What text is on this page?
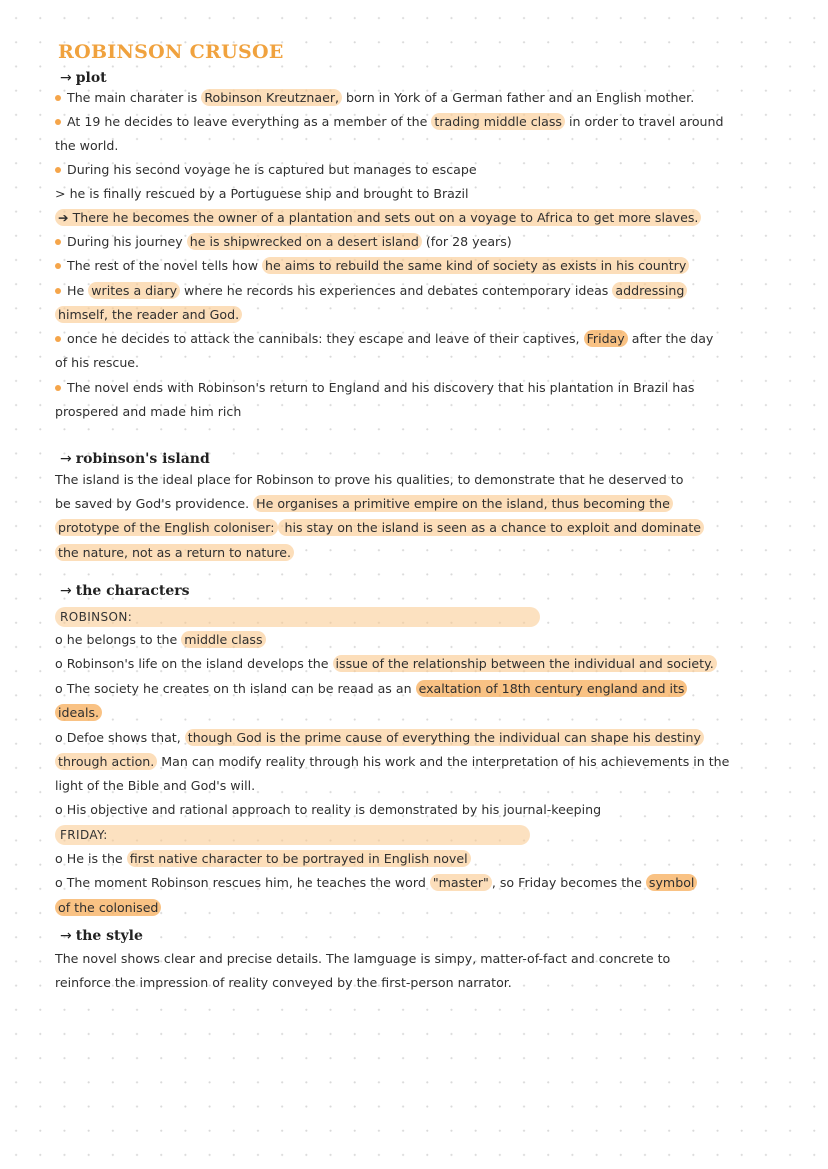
ROBINSON CRUSOE
→ plot

The main charater is Robinson Kreutznaer, born in York of a German father and an English mother.

At 19 he decides to leave everything as a member of the trading middle class in order to travel around

the world.

During his second voyage he is captured but manages to escape

> he is finally rescued by a Portuguese ship and brought to Brazil

➔ There he becomes the owner of a plantation and sets out on a voyage to Africa to get more slaves.

During his journey he is shipwrecked on a desert island (for 28 years)

The rest of the novel tells how he aims to rebuild the same kind of society as exists in his country

He writes a diary where he records his experiences and debates contemporary ideas addressing

himself, the reader and God.

once he decides to attack the cannibals: they escape and leave of their captives, Friday after the day

of his rescue.

The novel ends with Robinson's return to England and his discovery that his plantation in Brazil has

prospered and made him rich

→ robinson's island

The island is the ideal place for Robinson to prove his qualities, to demonstrate that he deserved to

be saved by God's providence. He organises a primitive empire on the island, thus becoming the

prototype of the English coloniser: his stay on the island is seen as a chance to exploit and dominate

the nature, not as a return to nature.

→ the characters
ROBINSON:

o he belongs to the middle class

o Robinson's life on the island develops the issue of the relationship between the individual and society.

o The society he creates on th island can be reaad as an exaltation of 18th century england and its

ideals.

o Defoe shows that, though God is the prime cause of everything the individual can shape his destiny

through action. Man can modify reality through his work and the interpretation of his achievements in the

light of the Bible and God's will.

o His objective and rational approach to reality is demonstrated by his journal-keeping

FRIDAY:

o He is the first native character to be portrayed in English novel

o The moment Robinson rescues him, he teaches the word "master" , so Friday becomes the symbol

of the colonised

→ the style

The novel shows clear and precise details. The lamguage is simpy, matter-of-fact and concrete to

reinforce the impression of reality conveyed by the first-person narrator.
